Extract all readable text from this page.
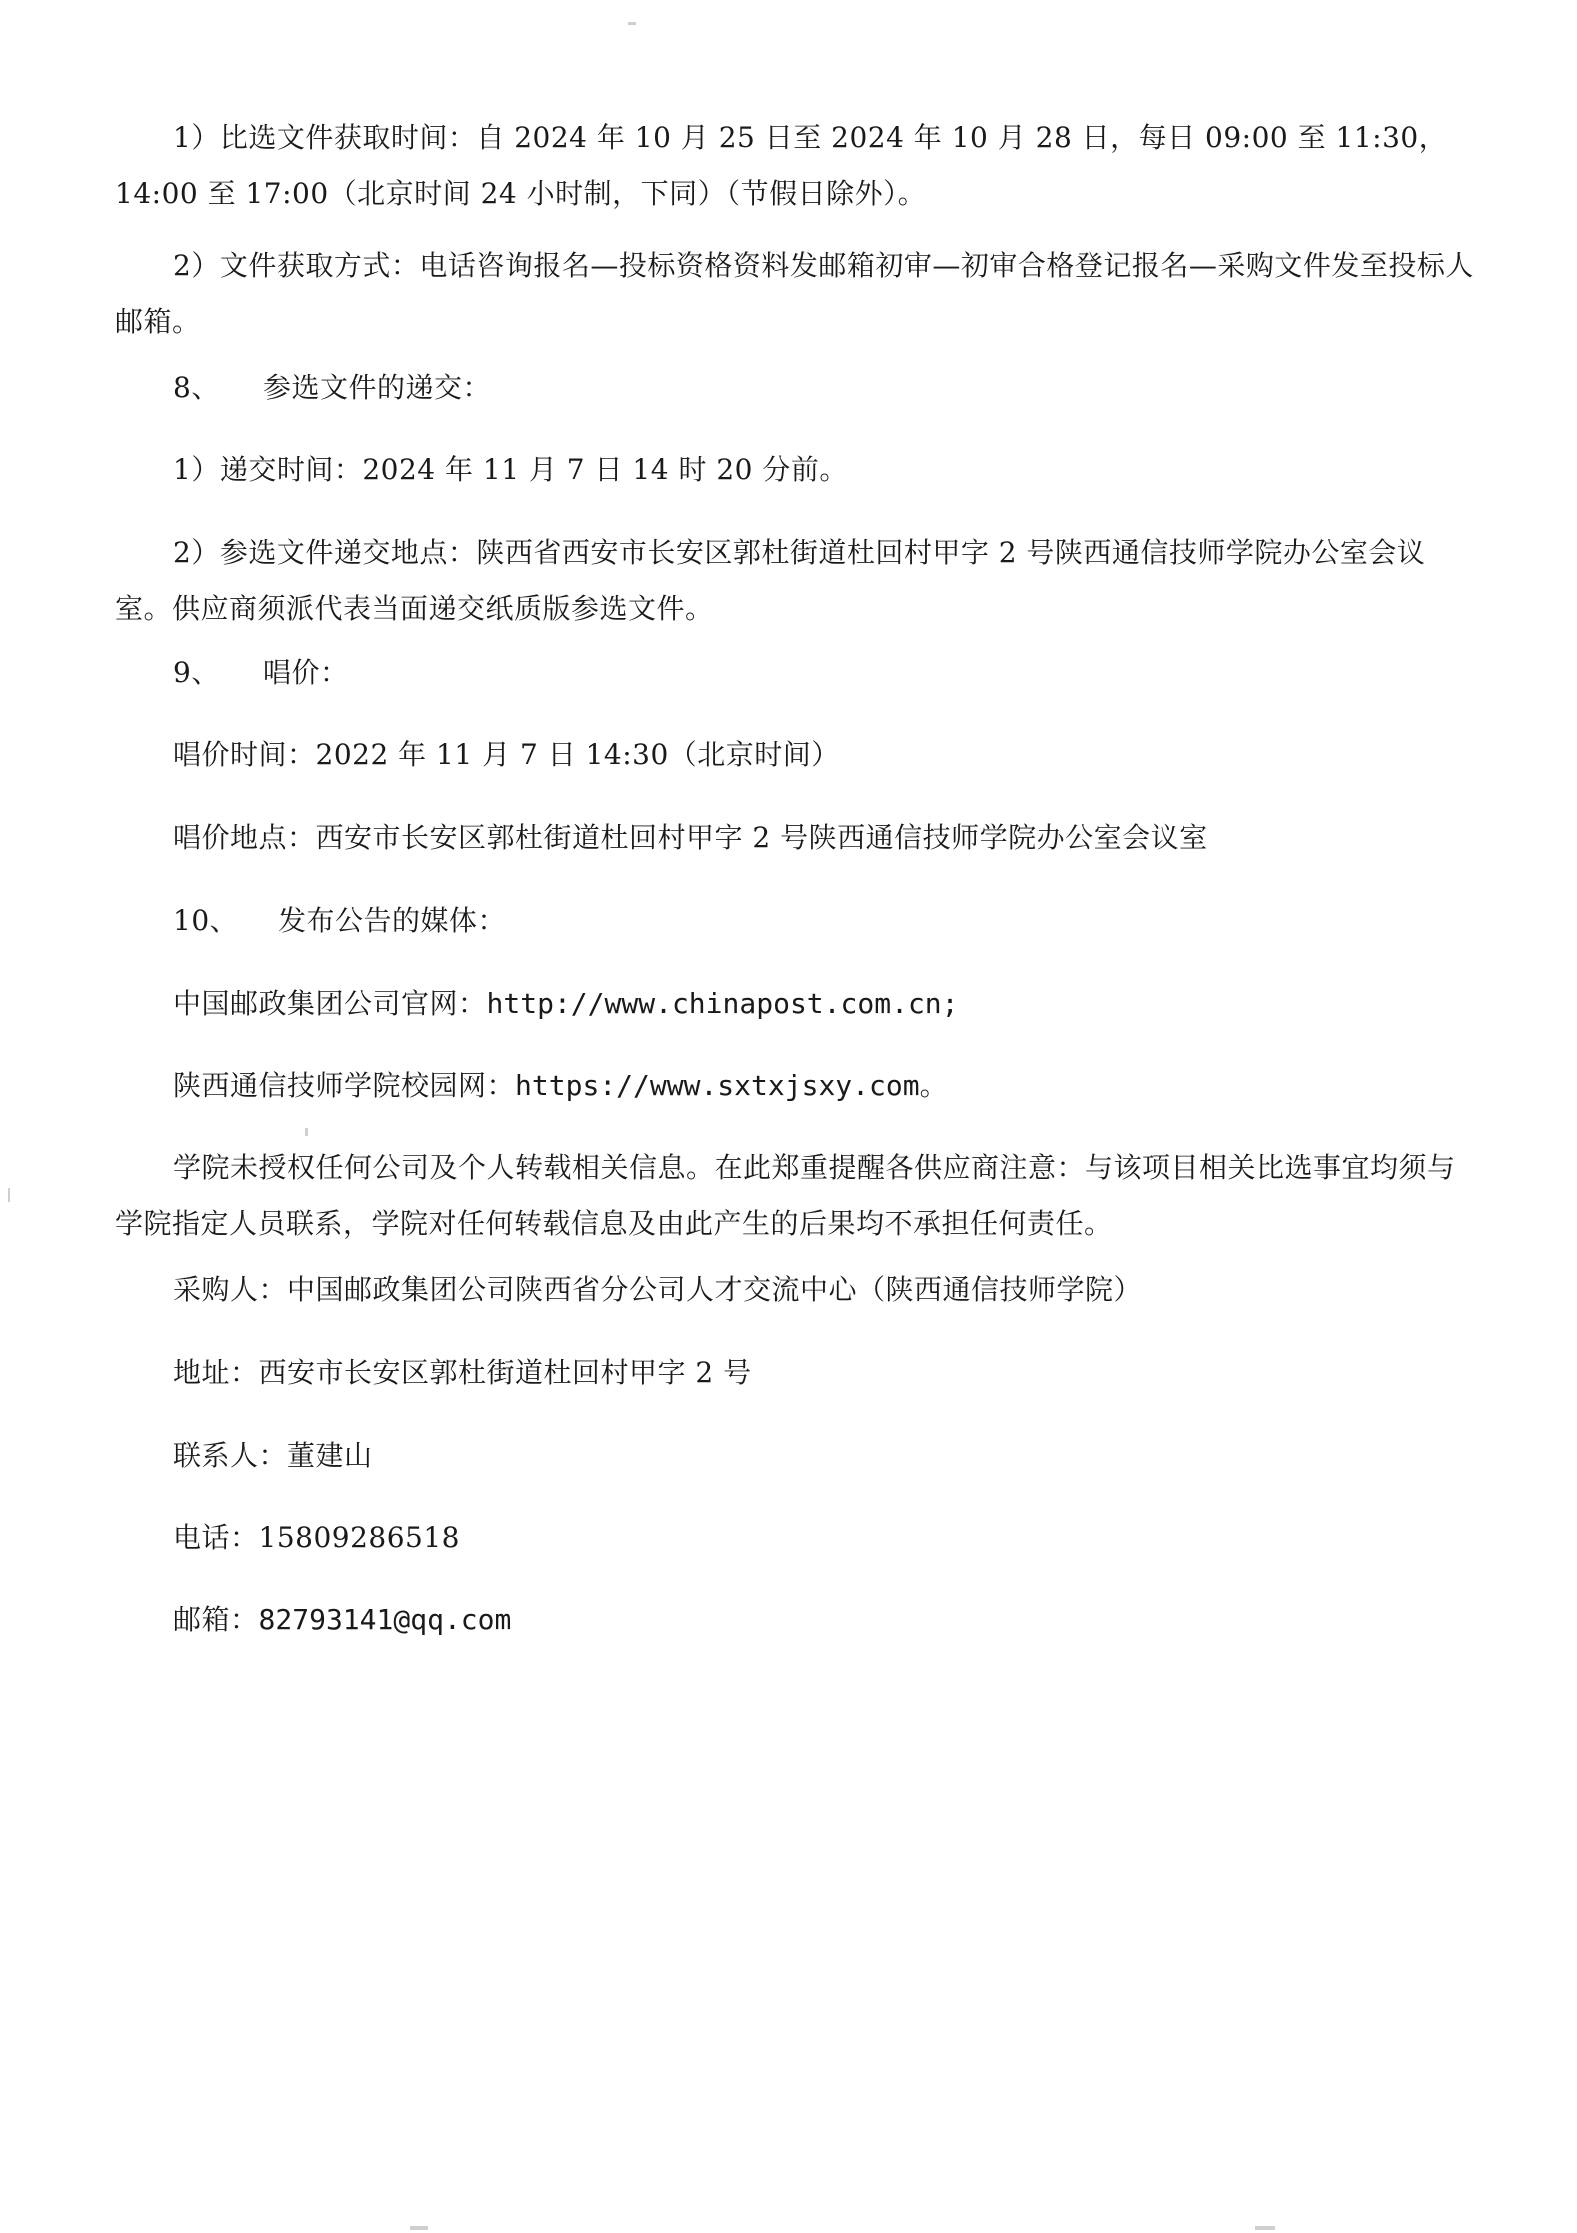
1）比选文件获取时间：自 2024 年 10 月 25 日至 2024 年 10 月 28 日，每日 09:00 至 11:30，14:00 至 17:00（北京时间 24 小时制，下同）（节假日除外）。
2）文件获取方式：电话咨询报名—投标资格资料发邮箱初审—初审合格登记报名—采购文件发至投标人邮箱。
8、 参选文件的递交：
1）递交时间：2024 年 11 月 7 日 14 时 20 分前。
2）参选文件递交地点：陕西省西安市长安区郭杜街道杜回村甲字 2 号陕西通信技师学院办公室会议室。供应商须派代表当面递交纸质版参选文件。
9、 唱价：
唱价时间：2022 年 11 月 7 日 14:30（北京时间）
唱价地点：西安市长安区郭杜街道杜回村甲字 2 号陕西通信技师学院办公室会议室
10、 发布公告的媒体：
中国邮政集团公司官网：http://www.chinapost.com.cn;
陕西通信技师学院校园网：https://www.sxtxjsxy.com。
学院未授权任何公司及个人转载相关信息。在此郑重提醒各供应商注意：与该项目相关比选事宜均须与学院指定人员联系，学院对任何转载信息及由此产生的后果均不承担任何责任。
采购人：中国邮政集团公司陕西省分公司人才交流中心（陕西通信技师学院）
地址：西安市长安区郭杜街道杜回村甲字 2 号
联系人：董建山
电话：15809286518
邮箱：82793141@qq.com
